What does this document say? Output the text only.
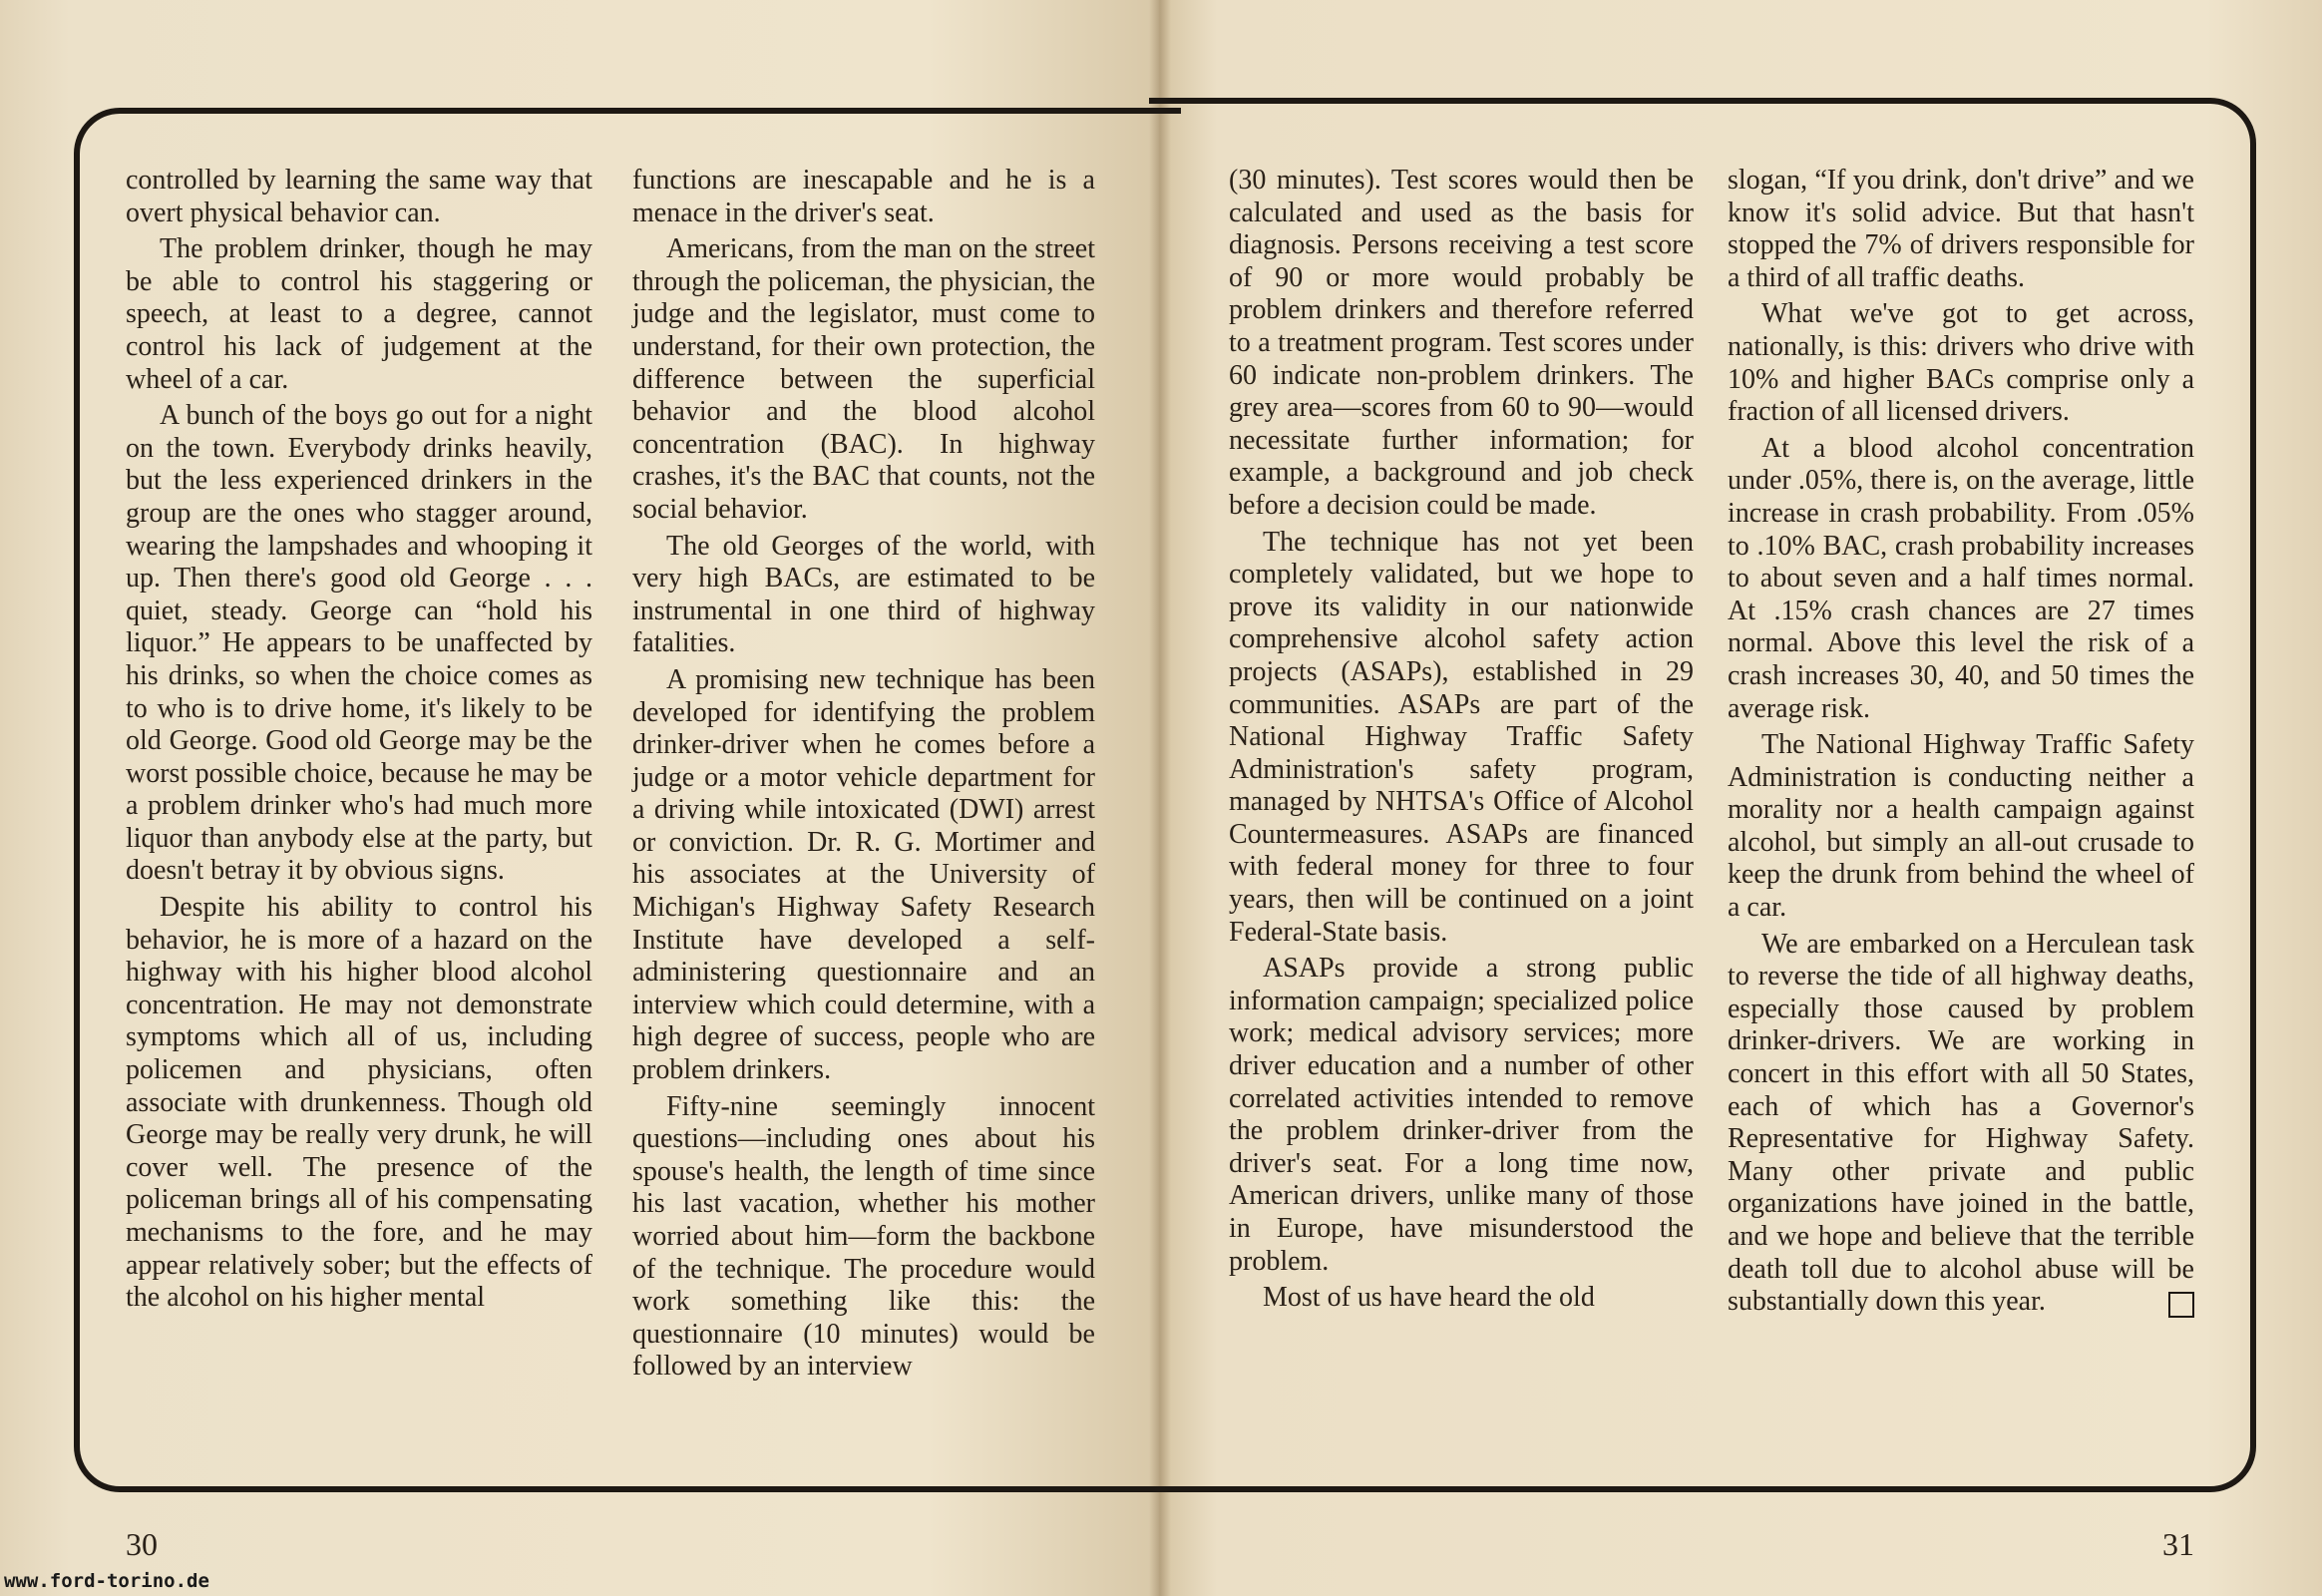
controlled by learning the same way that overt physical behavior can.

The problem drinker, though he may be able to control his staggering or speech, at least to a degree, cannot control his lack of judgement at the wheel of a car.

A bunch of the boys go out for a night on the town. Everybody drinks heavily, but the less experienced drinkers in the group are the ones who stagger around, wearing the lampshades and whooping it up. Then there's good old George . . . quiet, steady. George can “hold his liquor.” He appears to be unaffected by his drinks, so when the choice comes as to who is to drive home, it's likely to be old George. Good old George may be the worst possible choice, because he may be a problem drinker who's had much more liquor than anybody else at the party, but doesn't betray it by obvious signs.

Despite his ability to control his behavior, he is more of a hazard on the highway with his higher blood alcohol concentration. He may not demonstrate symptoms which all of us, including policemen and physicians, often associate with drunkenness. Though old George may be really very drunk, he will cover well. The presence of the policeman brings all of his compensating mechanisms to the fore, and he may appear relatively sober; but the effects of the alcohol on his higher mental

functions are inescapable and he is a menace in the driver's seat.

Americans, from the man on the street through the policeman, the physician, the judge and the legislator, must come to understand, for their own protection, the difference between the superficial behavior and the blood alcohol concentration (BAC). In highway crashes, it's the BAC that counts, not the social behavior.

The old Georges of the world, with very high BACs, are estimated to be instrumental in one third of highway fatalities.

A promising new technique has been developed for identifying the problem drinker-driver when he comes before a judge or a motor vehicle department for a driving while intoxicated (DWI) arrest or conviction. Dr. R. G. Mortimer and his associates at the University of Michigan's Highway Safety Research Institute have developed a self-administering questionnaire and an interview which could determine, with a high degree of success, people who are problem drinkers.

Fifty-nine seemingly innocent questions—including ones about his spouse's health, the length of time since his last vacation, whether his mother worried about him—form the backbone of the technique. The procedure would work something like this: the questionnaire (10 minutes) would be followed by an interview

(30 minutes). Test scores would then be calculated and used as the basis for diagnosis. Persons receiving a test score of 90 or more would probably be problem drinkers and therefore referred to a treatment program. Test scores under 60 indicate non-problem drinkers. The grey area—scores from 60 to 90—would necessitate further information; for example, a background and job check before a decision could be made.

The technique has not yet been completely validated, but we hope to prove its validity in our nationwide comprehensive alcohol safety action projects (ASAPs), established in 29 communities. ASAPs are part of the National Highway Traffic Safety Administration's safety program, managed by NHTSA's Office of Alcohol Countermeasures. ASAPs are financed with federal money for three to four years, then will be continued on a joint Federal-State basis.

ASAPs provide a strong public information campaign; specialized police work; medical advisory services; more driver education and a number of other correlated activities intended to remove the problem drinker-driver from the driver's seat. For a long time now, American drivers, unlike many of those in Europe, have misunderstood the problem.

Most of us have heard the old

slogan, “If you drink, don't drive” and we know it's solid advice. But that hasn't stopped the 7% of drivers responsible for a third of all traffic deaths.

What we've got to get across, nationally, is this: drivers who drive with 10% and higher BACs comprise only a fraction of all licensed drivers.

At a blood alcohol concentration under .05%, there is, on the average, little increase in crash probability. From .05% to .10% BAC, crash probability increases to about seven and a half times normal. At .15% crash chances are 27 times normal. Above this level the risk of a crash increases 30, 40, and 50 times the average risk.

The National Highway Traffic Safety Administration is conducting neither a morality nor a health campaign against alcohol, but simply an all-out crusade to keep the drunk from behind the wheel of a car.

We are embarked on a Herculean task to reverse the tide of all highway deaths, especially those caused by problem drinker-drivers. We are working in concert in this effort with all 50 States, each of which has a Governor's Representative for Highway Safety. Many other private and public organizations have joined in the battle, and we hope and believe that the terrible death toll due to alcohol abuse will be substantially down this year.

30	31
www.ford-torino.de
